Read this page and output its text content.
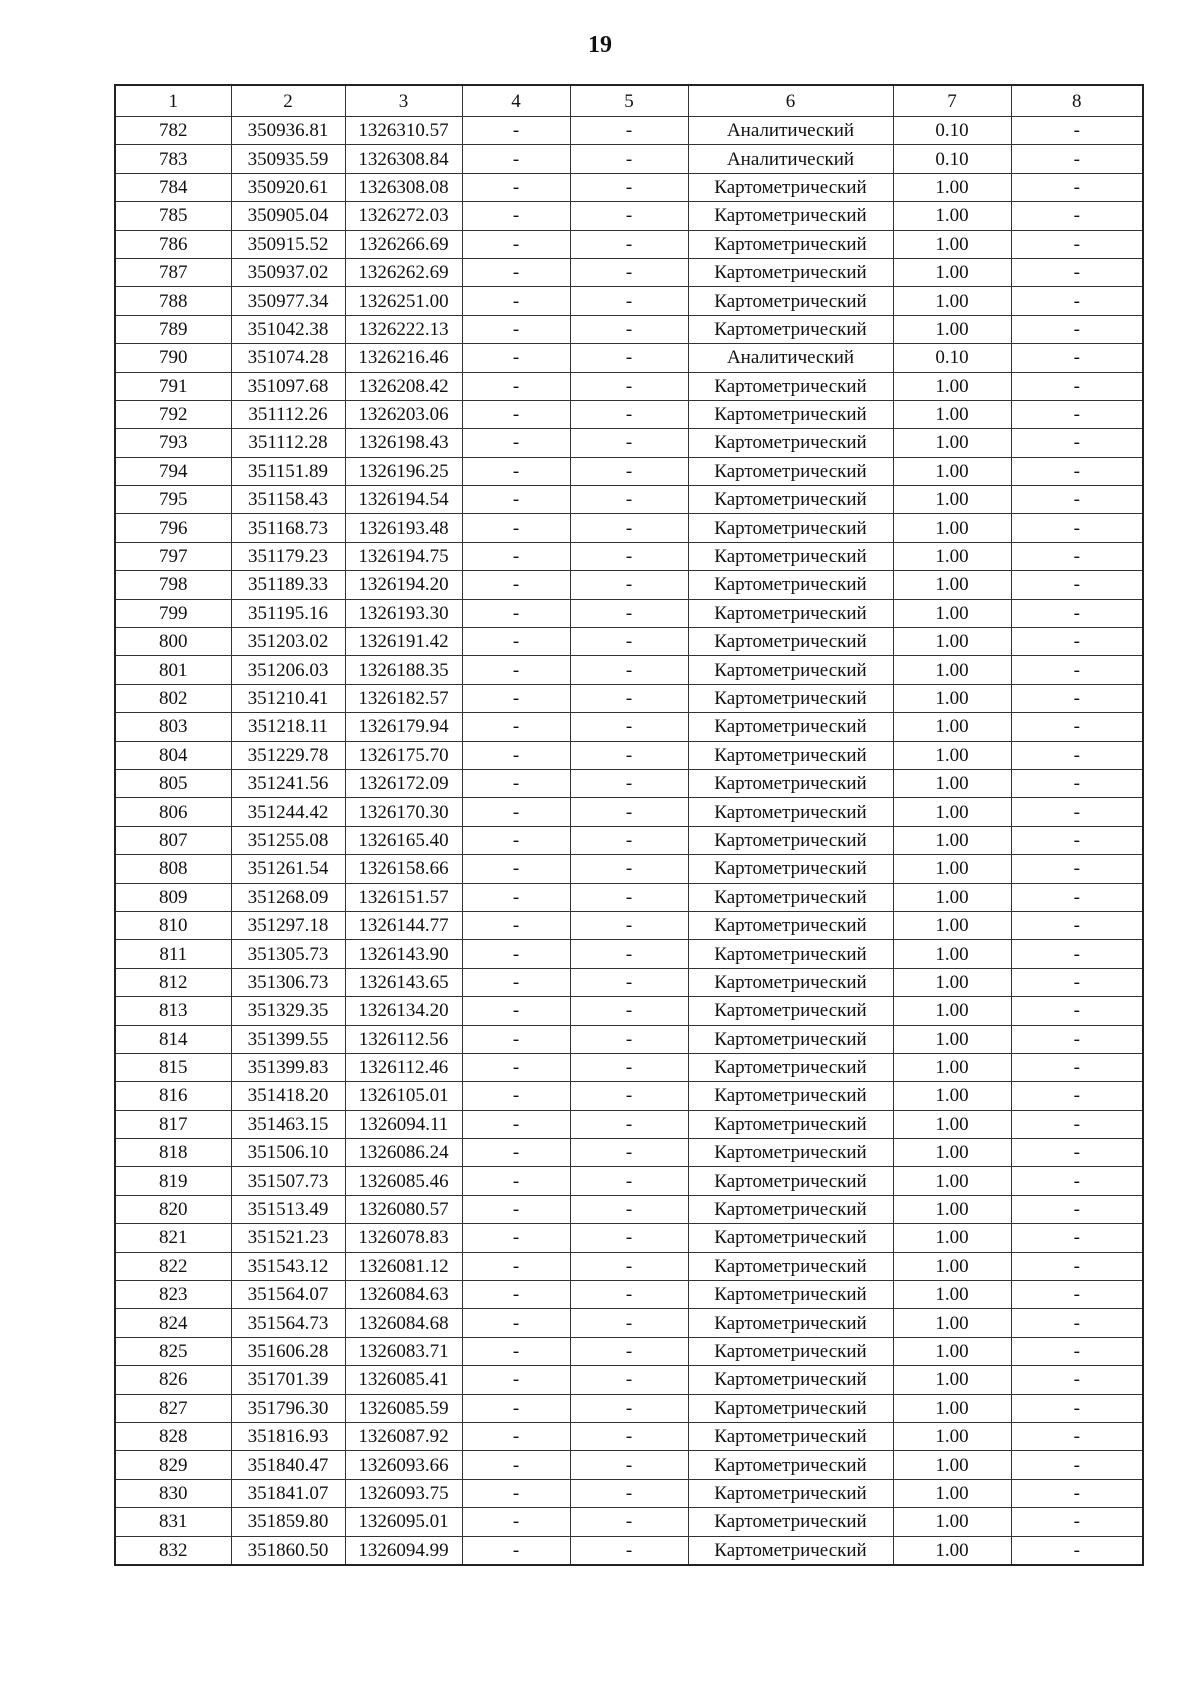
19
1	2	3	4	5	6	7	8
782	350936.81	1326310.57	-	-	Аналитический	0.10	-
783	350935.59	1326308.84	-	-	Аналитический	0.10	-
784	350920.61	1326308.08	-	-	Картометрический	1.00	-
785	350905.04	1326272.03	-	-	Картометрический	1.00	-
786	350915.52	1326266.69	-	-	Картометрический	1.00	-
787	350937.02	1326262.69	-	-	Картометрический	1.00	-
788	350977.34	1326251.00	-	-	Картометрический	1.00	-
789	351042.38	1326222.13	-	-	Картометрический	1.00	-
790	351074.28	1326216.46	-	-	Аналитический	0.10	-
791	351097.68	1326208.42	-	-	Картометрический	1.00	-
792	351112.26	1326203.06	-	-	Картометрический	1.00	-
793	351112.28	1326198.43	-	-	Картометрический	1.00	-
794	351151.89	1326196.25	-	-	Картометрический	1.00	-
795	351158.43	1326194.54	-	-	Картометрический	1.00	-
796	351168.73	1326193.48	-	-	Картометрический	1.00	-
797	351179.23	1326194.75	-	-	Картометрический	1.00	-
798	351189.33	1326194.20	-	-	Картометрический	1.00	-
799	351195.16	1326193.30	-	-	Картометрический	1.00	-
800	351203.02	1326191.42	-	-	Картометрический	1.00	-
801	351206.03	1326188.35	-	-	Картометрический	1.00	-
802	351210.41	1326182.57	-	-	Картометрический	1.00	-
803	351218.11	1326179.94	-	-	Картометрический	1.00	-
804	351229.78	1326175.70	-	-	Картометрический	1.00	-
805	351241.56	1326172.09	-	-	Картометрический	1.00	-
806	351244.42	1326170.30	-	-	Картометрический	1.00	-
807	351255.08	1326165.40	-	-	Картометрический	1.00	-
808	351261.54	1326158.66	-	-	Картометрический	1.00	-
809	351268.09	1326151.57	-	-	Картометрический	1.00	-
810	351297.18	1326144.77	-	-	Картометрический	1.00	-
811	351305.73	1326143.90	-	-	Картометрический	1.00	-
812	351306.73	1326143.65	-	-	Картометрический	1.00	-
813	351329.35	1326134.20	-	-	Картометрический	1.00	-
814	351399.55	1326112.56	-	-	Картометрический	1.00	-
815	351399.83	1326112.46	-	-	Картометрический	1.00	-
816	351418.20	1326105.01	-	-	Картометрический	1.00	-
817	351463.15	1326094.11	-	-	Картометрический	1.00	-
818	351506.10	1326086.24	-	-	Картометрический	1.00	-
819	351507.73	1326085.46	-	-	Картометрический	1.00	-
820	351513.49	1326080.57	-	-	Картометрический	1.00	-
821	351521.23	1326078.83	-	-	Картометрический	1.00	-
822	351543.12	1326081.12	-	-	Картометрический	1.00	-
823	351564.07	1326084.63	-	-	Картометрический	1.00	-
824	351564.73	1326084.68	-	-	Картометрический	1.00	-
825	351606.28	1326083.71	-	-	Картометрический	1.00	-
826	351701.39	1326085.41	-	-	Картометрический	1.00	-
827	351796.30	1326085.59	-	-	Картометрический	1.00	-
828	351816.93	1326087.92	-	-	Картометрический	1.00	-
829	351840.47	1326093.66	-	-	Картометрический	1.00	-
830	351841.07	1326093.75	-	-	Картометрический	1.00	-
831	351859.80	1326095.01	-	-	Картометрический	1.00	-
832	351860.50	1326094.99	-	-	Картометрический	1.00	-
